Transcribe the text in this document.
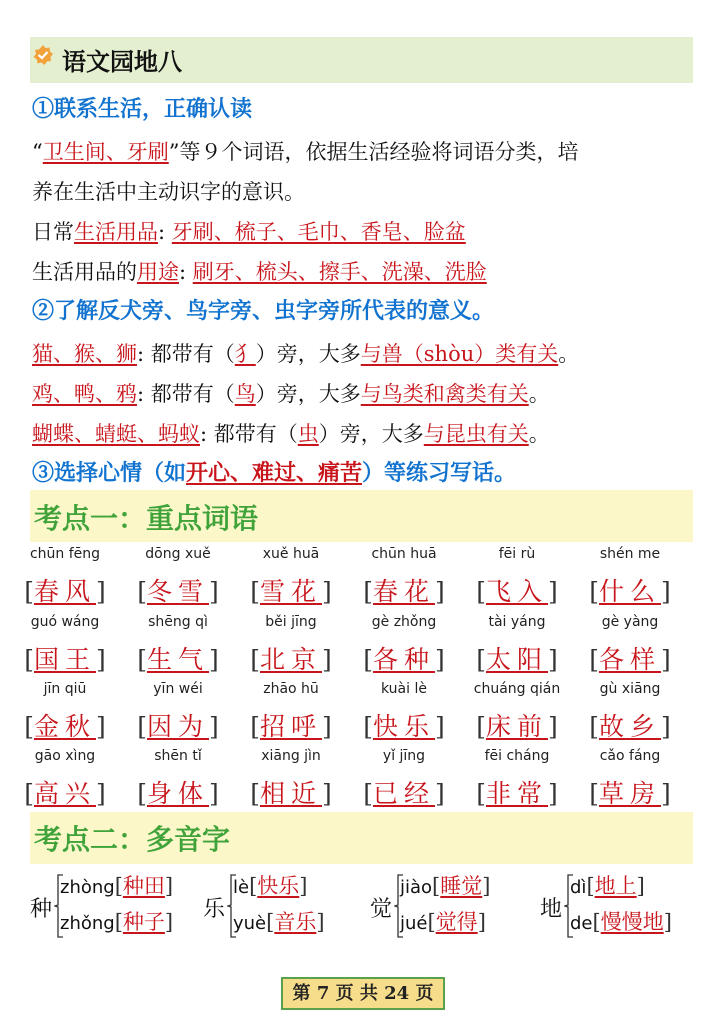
语文园地八
①联系生活，正确认读
“卫生间、牙刷”等９个词语，依据生活经验将词语分类，培
养在生活中主动识字的意识。
日常生活用品: 牙刷、梳子、毛巾、香皂、脸盆
生活用品的用途: 刷牙、梳头、擦手、洗澡、洗脸
②了解反犬旁、鸟字旁、虫字旁所代表的意义。
猫、猴、狮: 都带有（犭）旁，大多与兽（shòu）类有关。
鸡、鸭、鸦: 都带有（鸟）旁，大多与鸟类和禽类有关。
蝴蝶、蜻蜓、蚂蚁: 都带有（虫）旁，大多与昆虫有关。
③选择心情（如开心、难过、痛苦）等练习写话。
考点一：重点词语
chūn fēng
[春风]
dōng xuě
[冬雪]
xuě huā
[雪花]
chūn huā
[春花]
fēi rù
[飞入]
shén me
[什么]
guó wáng
[国王]
shēng qì
[生气]
běi jīng
[北京]
gè zhǒng
[各种]
tài yáng
[太阳]
gè yàng
[各样]
jīn qiū
[金秋]
yīn wéi
[因为]
zhāo hū
[招呼]
kuài lè
[快乐]
chuáng qián
[床前]
gù xiāng
[故乡]
gāo xìng
[高兴]
shēn tǐ
[身体]
xiāng jìn
[相近]
yǐ jīng
[已经]
fēi cháng
[非常]
cǎo fáng
[草房]
考点二：多音字
种
zhòng[种田]
zhǒng[种子] 乐
lè[快乐]
yuè[音乐] 觉
jiào[睡觉]
jué[觉得] 地
dì[地上]
de[慢慢地]
第 7 页 共 24 页
